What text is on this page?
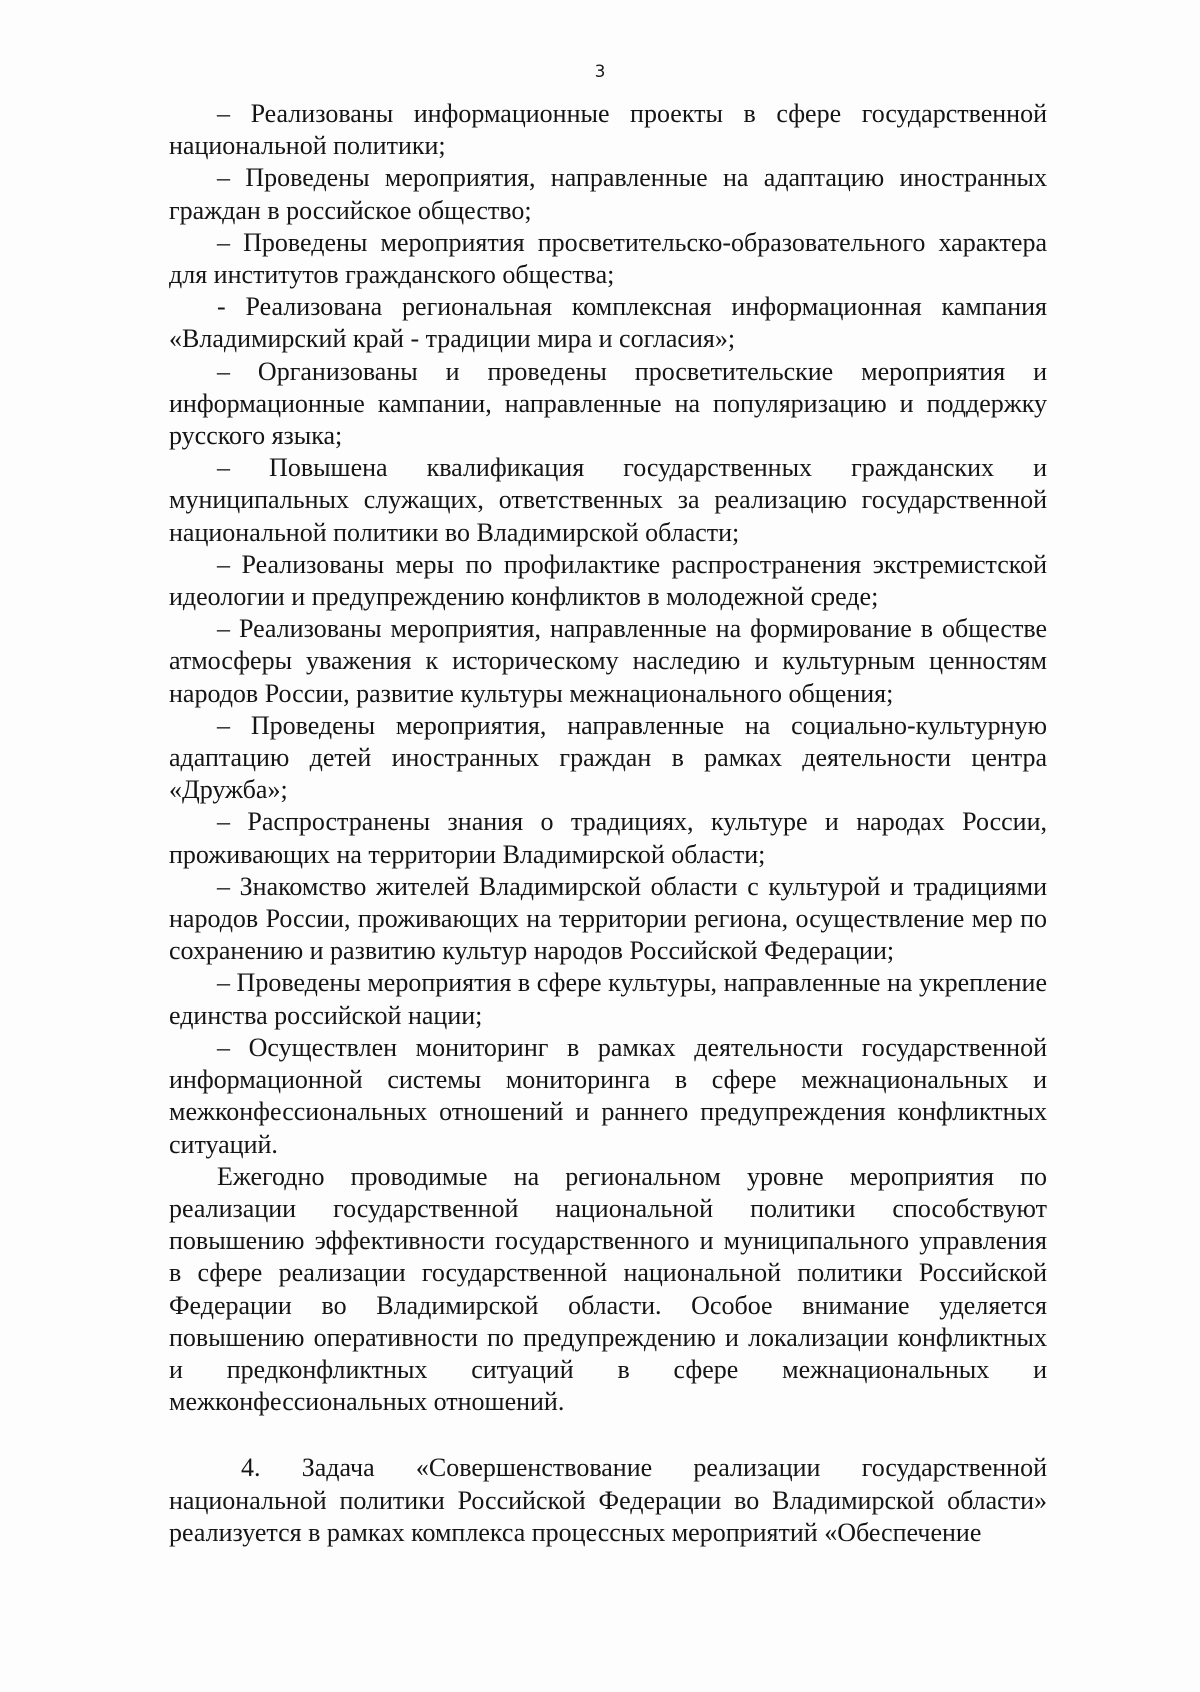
3

– Реализованы информационные проекты в сфере государственной национальной политики;

– Проведены мероприятия, направленные на адаптацию иностранных граждан в российское общество;

– Проведены мероприятия просветительско-образовательного характера для институтов гражданского общества;

- Реализована региональная комплексная информационная кампания «Владимирский край - традиции мира и согласия»;

– Организованы и проведены просветительские мероприятия и информационные кампании, направленные на популяризацию и поддержку русского языка;

– Повышена квалификация государственных гражданских и муниципальных служащих, ответственных за реализацию государственной национальной политики во Владимирской области;

– Реализованы меры по профилактике распространения экстремистской идеологии и предупреждению конфликтов в молодежной среде;

– Реализованы мероприятия, направленные на формирование в обществе атмосферы уважения к историческому наследию и культурным ценностям народов России, развитие культуры межнационального общения;

– Проведены мероприятия, направленные на социально-культурную адаптацию детей иностранных граждан в рамках деятельности центра «Дружба»;

– Распространены знания о традициях, культуре и народах России, проживающих на территории Владимирской области;

– Знакомство жителей Владимирской области с культурой и традициями народов России, проживающих на территории региона, осуществление мер по сохранению и развитию культур народов Российской Федерации;

– Проведены мероприятия в сфере культуры, направленные на укрепление единства российской нации;

– Осуществлен мониторинг в рамках деятельности государственной информационной системы мониторинга в сфере межнациональных и межконфессиональных отношений и раннего предупреждения конфликтных ситуаций.

Ежегодно проводимые на региональном уровне мероприятия по реализации государственной национальной политики способствуют повышению эффективности государственного и муниципального управления в сфере реализации государственной национальной политики Российской Федерации во Владимирской области. Особое внимание уделяется повышению оперативности по предупреждению и локализации конфликтных и предконфликтных ситуаций в сфере межнациональных и межконфессиональных отношений.

4. Задача «Совершенствование реализации государственной национальной политики Российской Федерации во Владимирской области» реализуется в рамках комплекса процессных мероприятий «Обеспечение
